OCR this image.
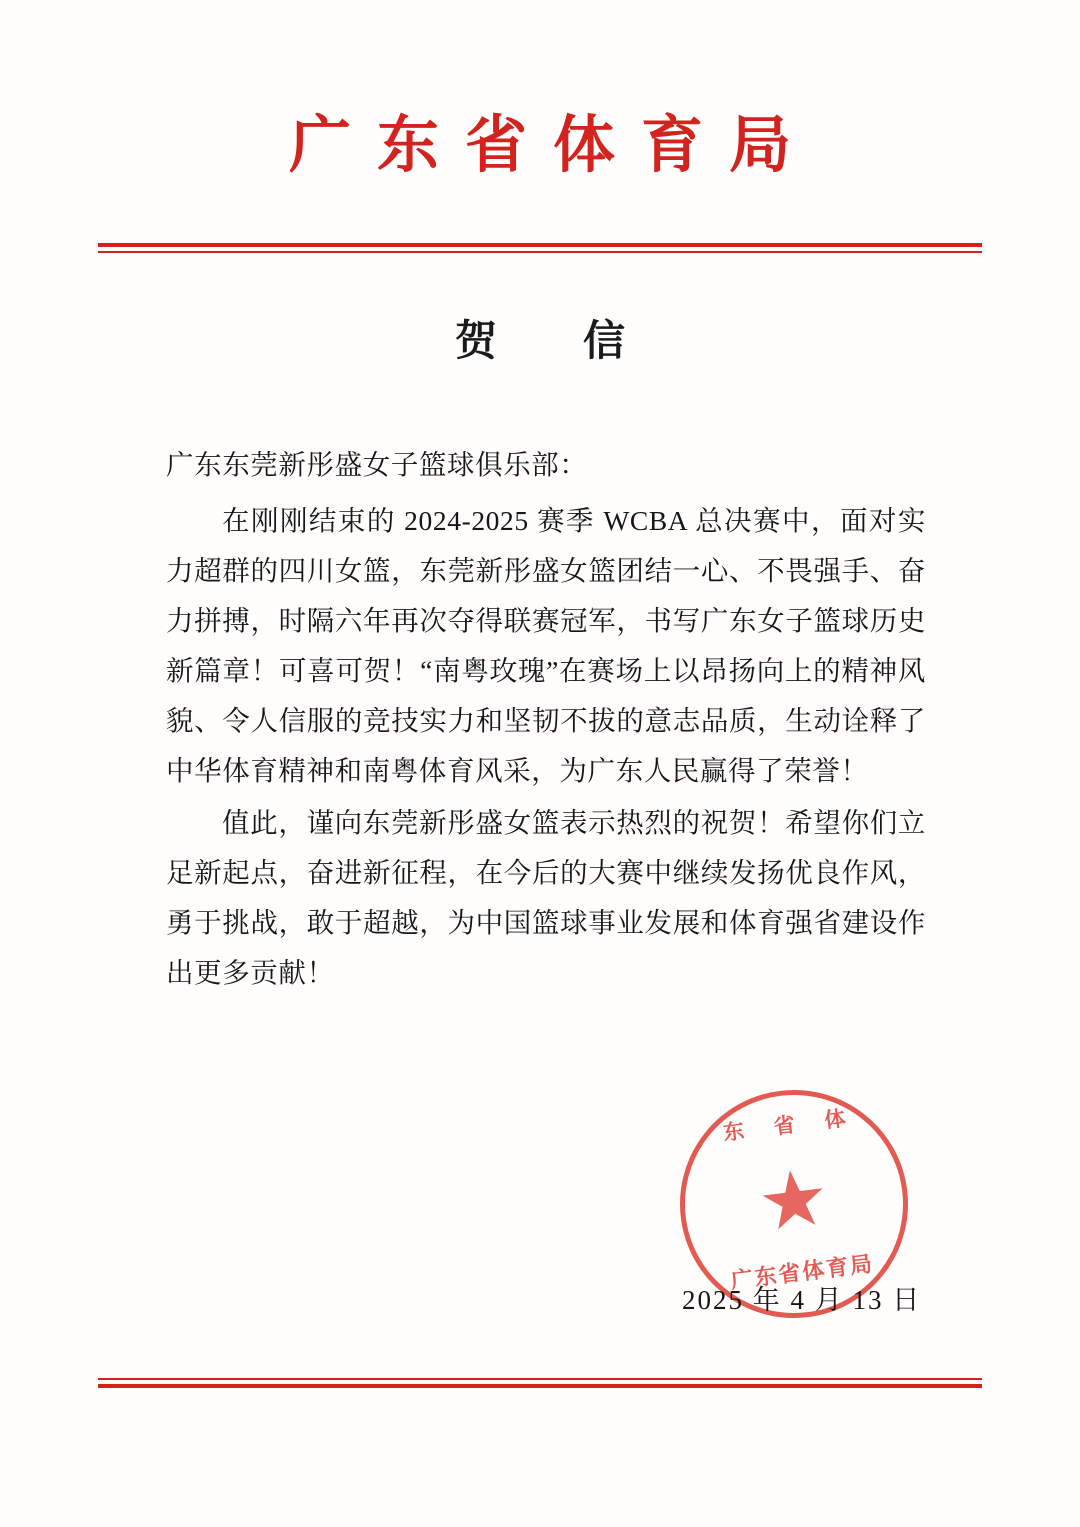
广东省体育局
贺　信

广东东莞新彤盛女子篮球俱乐部：

在刚刚结束的 2024-2025 赛季 WCBA 总决赛中，面对实力超群的四川女篮，东莞新彤盛女篮团结一心、不畏强手、奋力拼搏，时隔六年再次夺得联赛冠军，书写广东女子篮球历史新篇章！可喜可贺！“南粤玫瑰”在赛场上以昂扬向上的精神风貌、令人信服的竞技实力和坚韧不拔的意志品质，生动诠释了中华体育精神和南粤体育风采，为广东人民赢得了荣誉！

值此，谨向东莞新彤盛女篮表示热烈的祝贺！希望你们立足新起点，奋进新征程，在今后的大赛中继续发扬优良作风，勇于挑战，敢于超越，为中国篮球事业发展和体育强省建设作出更多贡献！

东省体
广东省体育局
2025 年 4 月 13 日
